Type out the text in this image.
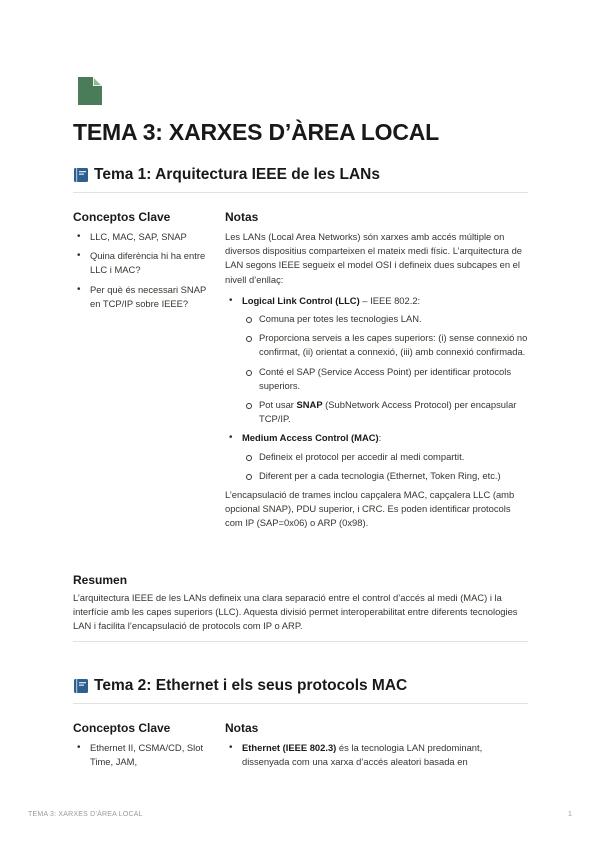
TEMA 3: XARXES D’ÀREA LOCAL
Tema 1: Arquitectura IEEE de les LANs
Conceptos Clave
• LLC, MAC, SAP, SNAP
• Quina diferència hi ha entre LLC i MAC?
• Per què és necessari SNAP en TCP/IP sobre IEEE?
Notas

Les LANs (Local Area Networks) són xarxes amb accés múltiple on diversos dispositius comparteixen el mateix medi físic. L’arquitectura de LAN segons IEEE segueix el model OSI i defineix dues subcapes en el nivell d’enllaç:

• Logical Link Control (LLC) – IEEE 802.2:
Comuna per totes les tecnologies LAN.
Proporciona serveis a les capes superiors: (i) sense connexió no confirmat, (ii) orientat a connexió, (iii) amb connexió confirmada.
Conté el SAP (Service Access Point) per identificar protocols superiors.
Pot usar SNAP (SubNetwork Access Protocol) per encapsular TCP/IP.
• Medium Access Control (MAC):
Defineix el protocol per accedir al medi compartit.
Diferent per a cada tecnologia (Ethernet, Token Ring, etc.)

L’encapsulació de trames inclou capçalera MAC, capçalera LLC (amb opcional SNAP), PDU superior, i CRC. Es poden identificar protocols com IP (SAP=0x06) o ARP (0x98).

Resumen

L’arquitectura IEEE de les LANs defineix una clara separació entre el control d’accés al medi (MAC) i la interfície amb les capes superiors (LLC). Aquesta divisió permet interoperabilitat entre diferents tecnologies LAN i facilita l’encapsulació de protocols com IP o ARP.

Tema 2: Ethernet i els seus protocols MAC
Conceptos Clave
• Ethernet II, CSMA/CD, Slot Time, JAM,
Notas
• Ethernet (IEEE 802.3) és la tecnologia LAN predominant, dissenyada com una xarxa d’accés aleatori basada en
TEMA 3: XARXES D’ÀREA LOCAL	1
